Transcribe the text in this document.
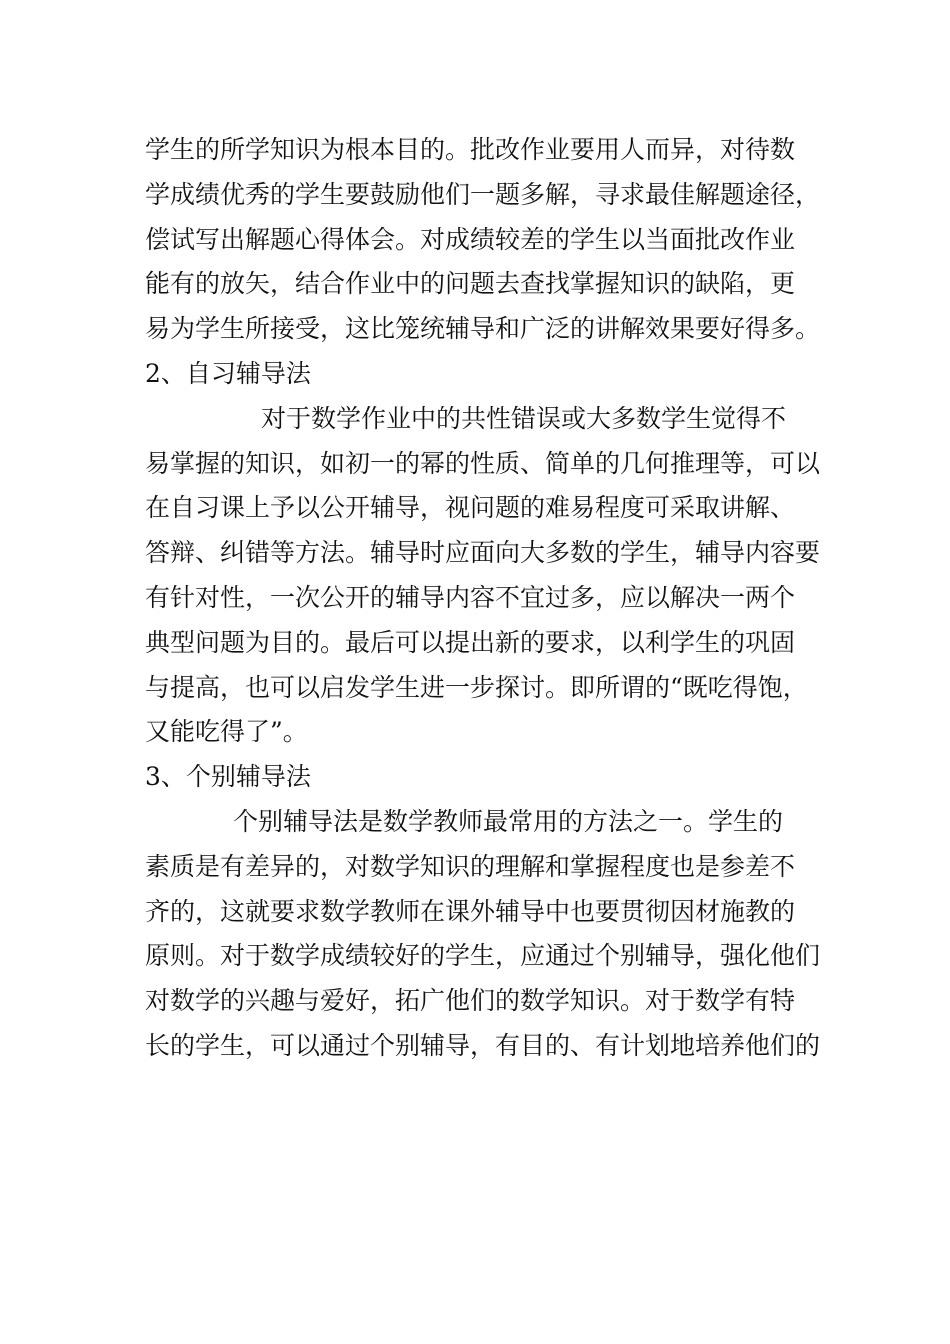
学生的所学知识为根本目的。批改作业要用人而异，对待数
学成绩优秀的学生要鼓励他们一题多解，寻求最佳解题途径，
偿试写出解题心得体会。对成绩较差的学生以当面批改作业
能有的放矢，结合作业中的问题去查找掌握知识的缺陷，更
易为学生所接受，这比笼统辅导和广泛的讲解效果要好得多。
2、自习辅导法
对于数学作业中的共性错误或大多数学生觉得不
易掌握的知识，如初一的幂的性质、简单的几何推理等，可以
在自习课上予以公开辅导，视问题的难易程度可采取讲解、
答辩、纠错等方法。辅导时应面向大多数的学生，辅导内容要
有针对性，一次公开的辅导内容不宜过多，应以解决一两个
典型问题为目的。最后可以提出新的要求，以利学生的巩固
与提高，也可以启发学生进一步探讨。即所谓的“既吃得饱，
又能吃得了”。
3、个别辅导法
个别辅导法是数学教师最常用的方法之一。学生的
素质是有差异的，对数学知识的理解和掌握程度也是参差不
齐的，这就要求数学教师在课外辅导中也要贯彻因材施教的
原则。对于数学成绩较好的学生，应通过个别辅导，强化他们
对数学的兴趣与爱好，拓广他们的数学知识。对于数学有特
长的学生，可以通过个别辅导，有目的、有计划地培养他们的
